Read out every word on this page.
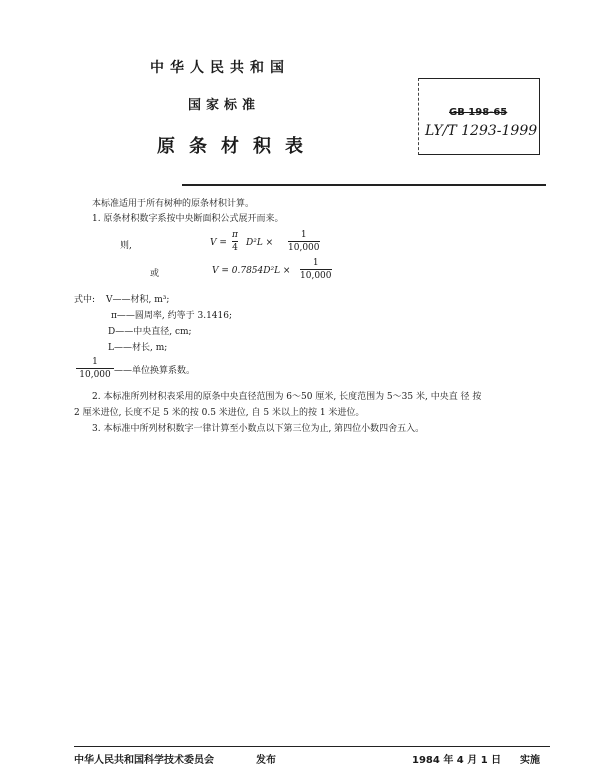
中华人民共和国
国家标准
原条材积表
GB 198-65
LY/T 1293-1999
本标准适用于所有树种的原条材积计算。
1. 原条材积数字系按中央断面积公式展开而来。
则,	V =
π
4 D²L ×
1
10,000
或	V = 0.7854D²L ×
1
10,000
式中: V——材积, m³;
π——圆周率, 约等于 3.1416;
D——中央直径, cm;
L——材长, m;
1
10,000 ——单位换算系数。
2. 本标准所列材积表采用的原条中央直径范围为 6～50 厘米, 长度范围为 5～35 米, 中央直 径 按
2 厘米进位, 长度不足 5 米的按 0.5 米进位, 自 5 米以上的按 1 米进位。
3. 本标准中所列材积数字一律计算至小数点以下第三位为止, 第四位小数四舍五入。
中华人民共和国科学技术委员会	发布	1984 年 4 月 1 日 实施
